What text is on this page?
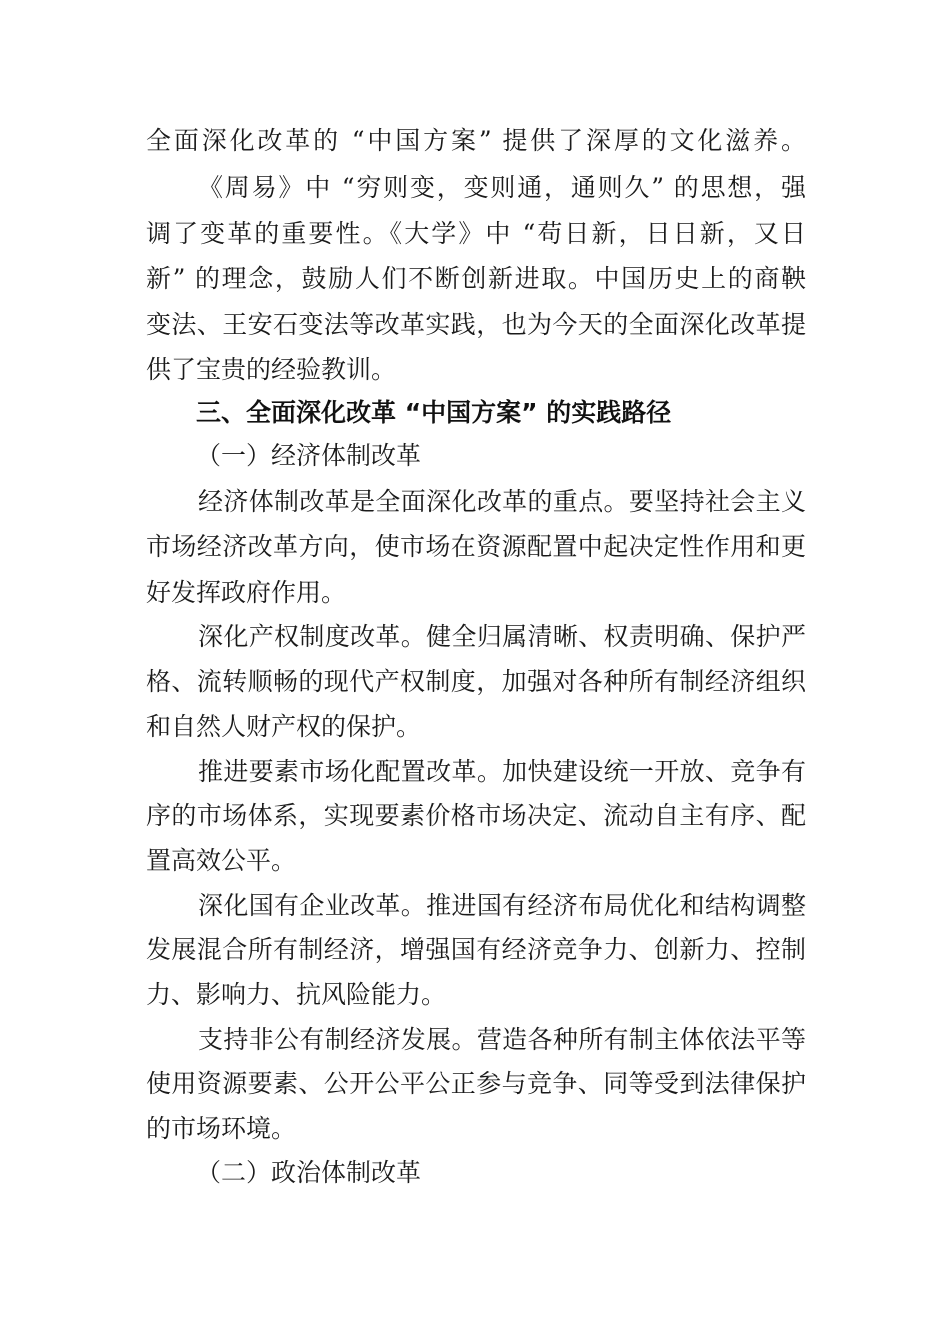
全面深化改革的 “中国方案” 提供了深厚的文化滋养。
《周易》中 “穷则变，变则通，通则久” 的思想，强
调了变革的重要性。《大学》中 “苟日新，日日新，又日
新” 的理念，鼓励人们不断创新进取。中国历史上的商鞅
变法、王安石变法等改革实践，也为今天的全面深化改革提
供了宝贵的经验教训。
三、全面深化改革 “中国方案” 的实践路径
（一）经济体制改革
经济体制改革是全面深化改革的重点。要坚持社会主义
市场经济改革方向，使市场在资源配置中起决定性作用和更
好发挥政府作用。
深化产权制度改革。健全归属清晰、权责明确、保护严
格、流转顺畅的现代产权制度，加强对各种所有制经济组织
和自然人财产权的保护。
推进要素市场化配置改革。加快建设统一开放、竞争有
序的市场体系，实现要素价格市场决定、流动自主有序、配
置高效公平。
深化国有企业改革。推进国有经济布局优化和结构调整
发展混合所有制经济，增强国有经济竞争力、创新力、控制
力、影响力、抗风险能力。
支持非公有制经济发展。营造各种所有制主体依法平等
使用资源要素、公开公平公正参与竞争、同等受到法律保护
的市场环境。
（二）政治体制改革
